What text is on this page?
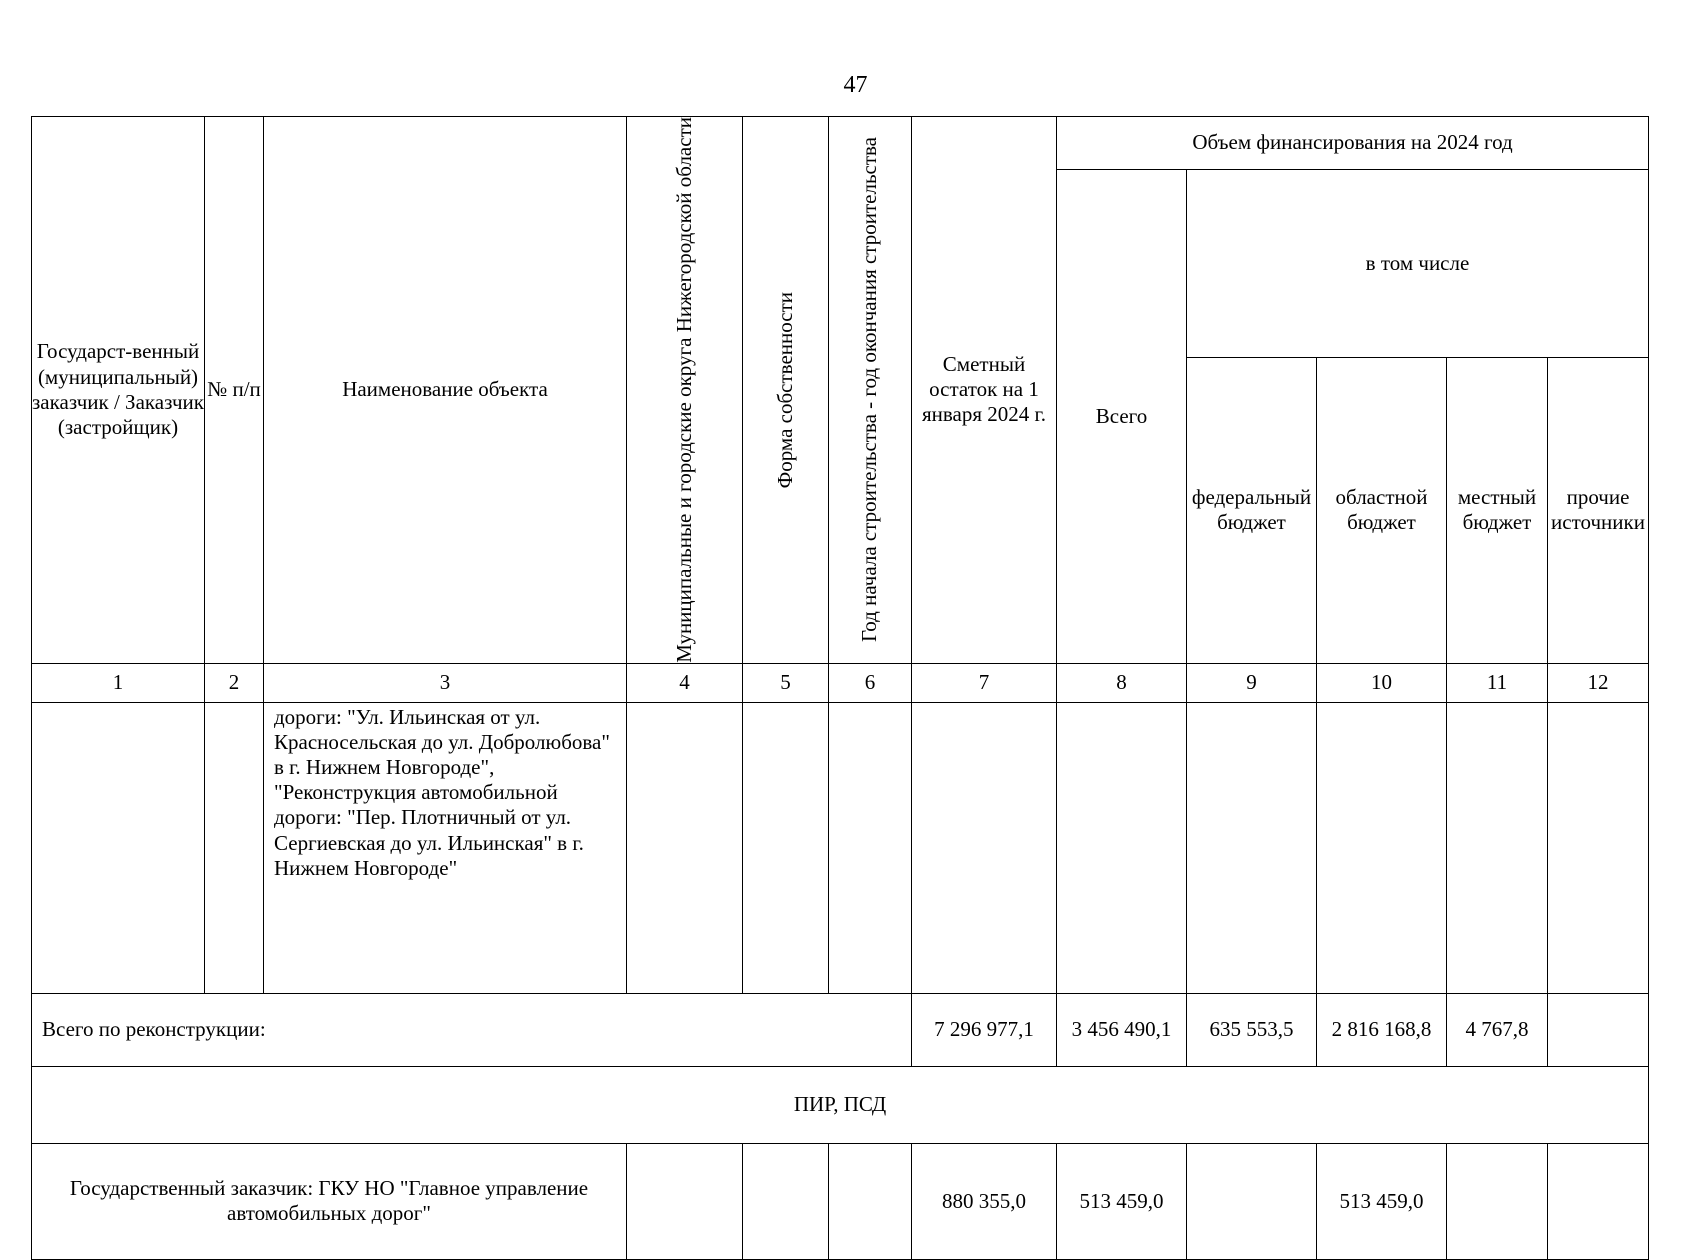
47
Государст-венный (муниципальный) заказчик / Заказчик (застройщик)	№ п/п	Наименование объекта	Муниципальные и городские округа Нижегородской области	Форма собственности	Год начала строительства - год окончания строительства	Сметный остаток на 1 января 2024 г.	Объем финансирования на 2024 год				
							Всего	в том числе			
								федеральный бюджет	областной бюджет	местный бюджет	прочие источники
1	2	3	4	5	6	7	8	9	10	11	12
		дороги: "Ул. Ильинская от ул. Красносельская до ул. Добролюбова" в г. Нижнем Новгороде", "Реконструкция автомобильной дороги: "Пер. Плотничный от ул. Сергиевская до ул. Ильинская" в г. Нижнем Новгороде"									
Всего по реконструкции:						7 296 977,1	3 456 490,1	635 553,5	2 816 168,8	4 767,8	
ПИР, ПСД											
Государственный заказчик: ГКУ НО "Главное управление автомобильных дорог"						880 355,0	513 459,0		513 459,0		
